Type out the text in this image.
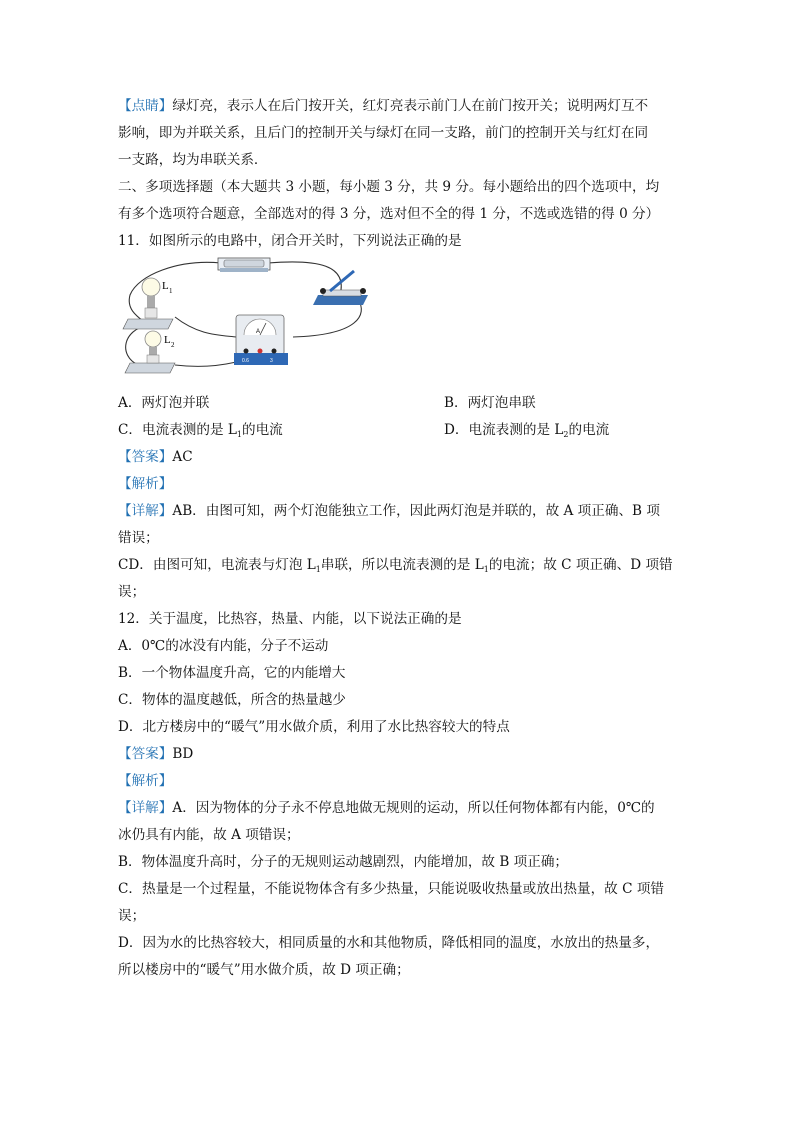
【点睛】绿灯亮，表示人在后门按开关，红灯亮表示前门人在前门按开关；说明两灯互不
影响，即为并联关系，且后门的控制开关与绿灯在同一支路，前门的控制开关与红灯在同
一支路，均为串联关系．
二、多项选择题（本大题共 3 小题，每小题 3 分，共 9 分。每小题给出的四个选项中，均
有多个选项符合题意，全部选对的得 3 分，选对但不全的得 1 分，不选或选错的得 0 分）
11．如图所示的电路中，闭合开关时，下列说法正确的是
L 1
L 2
A
0.6	3
A．两灯泡并联	B．两灯泡串联
C．电流表测的是 $L_1$的电流	D．电流表测的是 $L_2$的电流
【答案】AC
【解析】
【详解】AB．由图可知，两个灯泡能独立工作，因此两灯泡是并联的，故 A 项正确、B 项
错误；
CD．由图可知，电流表与灯泡 $L_1$串联，所以电流表测的是 $L_1$的电流；故 C 项正确、D 项错
误；
12．关于温度，比热容，热量、内能，以下说法正确的是
A．0℃的冰没有内能，分子不运动
B．一个物体温度升高，它的内能增大
C．物体的温度越低，所含的热量越少
D．北方楼房中的“暖气”用水做介质，利用了水比热容较大的特点
【答案】BD
【解析】
【详解】A．因为物体的分子永不停息地做无规则的运动，所以任何物体都有内能，0℃的
冰仍具有内能，故 A 项错误；
B．物体温度升高时，分子的无规则运动越剧烈，内能增加，故 B 项正确；
C．热量是一个过程量，不能说物体含有多少热量，只能说吸收热量或放出热量，故 C 项错
误；
D．因为水的比热容较大，相同质量的水和其他物质，降低相同的温度，水放出的热量多，
所以楼房中的“暖气”用水做介质，故 D 项正确；
